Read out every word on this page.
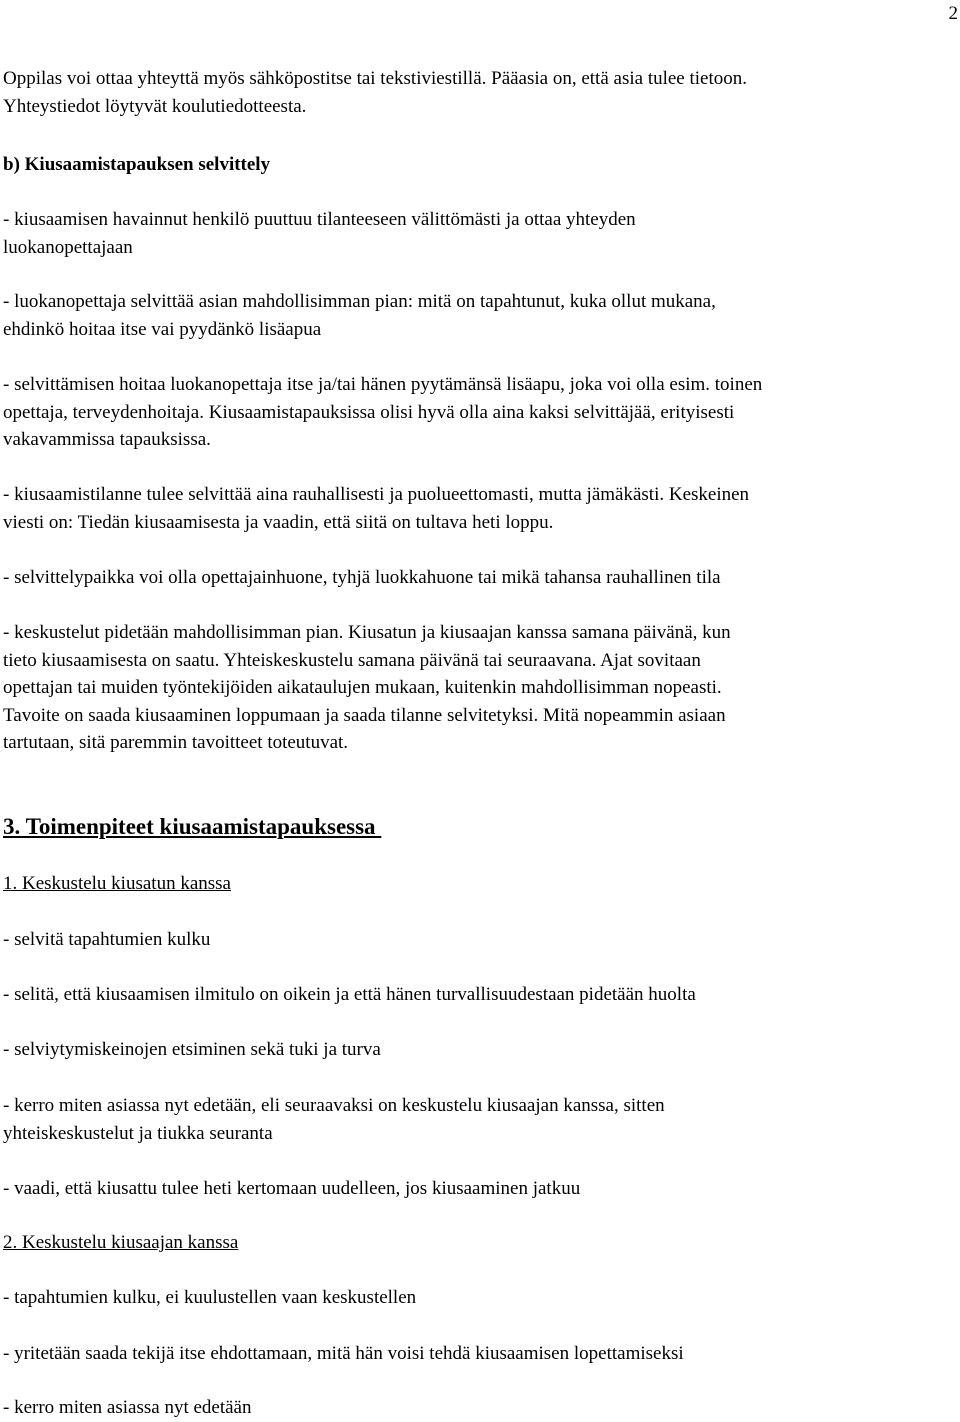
2

Oppilas voi ottaa yhteyttä myös sähköpostitse tai tekstiviestillä. Pääasia on, että asia tulee tietoon.
Yhteystiedot löytyvät koulutiedotteesta.

b) Kiusaamistapauksen selvittely

- kiusaamisen havainnut henkilö puuttuu tilanteeseen välittömästi ja ottaa yhteyden
luokanopettajaan

- luokanopettaja selvittää asian mahdollisimman pian: mitä on tapahtunut, kuka ollut mukana,
ehdinkö hoitaa itse vai pyydänkö lisäapua

- selvittämisen hoitaa luokanopettaja itse ja/tai hänen pyytämänsä lisäapu, joka voi olla esim. toinen
opettaja, terveydenhoitaja. Kiusaamistapauksissa olisi hyvä olla aina kaksi selvittäjää, erityisesti
vakavammissa tapauksissa.

- kiusaamistilanne tulee selvittää aina rauhallisesti ja puolueettomasti, mutta jämäkästi. Keskeinen
viesti on: Tiedän kiusaamisesta ja vaadin, että siitä on tultava heti loppu.

- selvittelypaikka voi olla opettajainhuone, tyhjä luokkahuone tai mikä tahansa rauhallinen tila

- keskustelut pidetään mahdollisimman pian. Kiusatun ja kiusaajan kanssa samana päivänä, kun
tieto kiusaamisesta on saatu. Yhteiskeskustelu samana päivänä tai seuraavana. Ajat sovitaan
opettajan tai muiden työntekijöiden aikataulujen mukaan, kuitenkin mahdollisimman nopeasti.
Tavoite on saada kiusaaminen loppumaan ja saada tilanne selvitetyksi. Mitä nopeammin asiaan
tartutaan, sitä paremmin tavoitteet toteutuvat.

3. Toimenpiteet kiusaamistapauksessa

1. Keskustelu kiusatun kanssa

- selvitä tapahtumien kulku

- selitä, että kiusaamisen ilmitulo on oikein ja että hänen turvallisuudestaan pidetään huolta

- selviytymiskeinojen etsiminen sekä tuki ja turva

- kerro miten asiassa nyt edetään, eli seuraavaksi on keskustelu kiusaajan kanssa, sitten
yhteiskeskustelut ja tiukka seuranta

- vaadi, että kiusattu tulee heti kertomaan uudelleen, jos kiusaaminen jatkuu

2. Keskustelu kiusaajan kanssa

- tapahtumien kulku, ei kuulustellen vaan keskustellen

- yritetään saada tekijä itse ehdottamaan, mitä hän voisi tehdä kiusaamisen lopettamiseksi

- kerro miten asiassa nyt edetään
